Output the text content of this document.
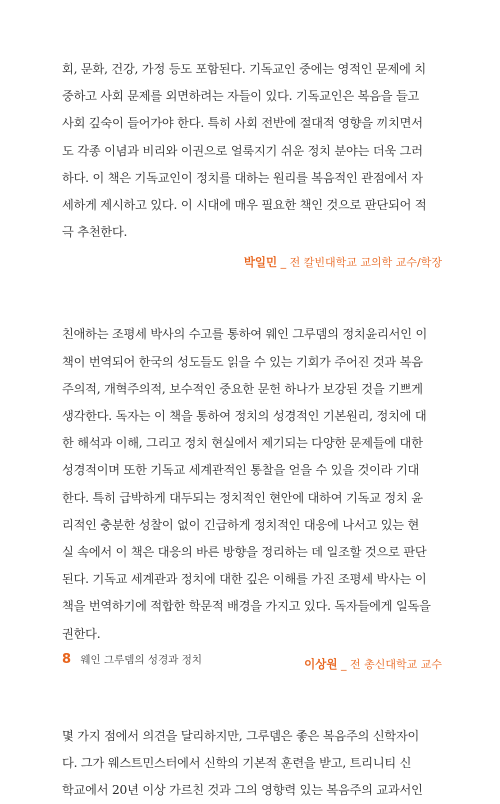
회, 문화, 건강, 가정 등도 포함된다. 기독교인 중에는 영적인 문제에 치
중하고 사회 문제를 외면하려는 자들이 있다. 기독교인은 복음을 들고
사회 깊숙이 들어가야 한다. 특히 사회 전반에 절대적 영향을 끼치면서
도 각종 이념과 비리와 이권으로 얼룩지기 쉬운 정치 분야는 더욱 그러
하다. 이 책은 기독교인이 정치를 대하는 원리를 복음적인 관점에서 자
세하게 제시하고 있다. 이 시대에 매우 필요한 책인 것으로 판단되어 적
극 추천한다.

박일민 _ 전 칼빈대학교 교의학 교수/학장

친애하는 조평세 박사의 수고를 통하여 웨인 그루뎀의 정치윤리서인 이
책이 번역되어 한국의 성도들도 읽을 수 있는 기회가 주어진 것과 복음
주의적, 개혁주의적, 보수적인 중요한 문헌 하나가 보강된 것을 기쁘게
생각한다. 독자는 이 책을 통하여 정치의 성경적인 기본원리, 정치에 대
한 해석과 이해, 그리고 정치 현실에서 제기되는 다양한 문제들에 대한
성경적이며 또한 기독교 세계관적인 통찰을 얻을 수 있을 것이라 기대
한다. 특히 급박하게 대두되는 정치적인 현안에 대하여 기독교 정치 윤
리적인 충분한 성찰이 없이 긴급하게 정치적인 대응에 나서고 있는 현
실 속에서 이 책은 대응의 바른 방향을 정리하는 데 일조할 것으로 판단
된다. 기독교 세계관과 정치에 대한 깊은 이해를 가진 조평세 박사는 이
책을 번역하기에 적합한 학문적 배경을 가지고 있다. 독자들에게 일독을
권한다.

이상원 _ 전 총신대학교 교수

몇 가지 점에서 의견을 달리하지만, 그루뎀은 좋은 복음주의 신학자이
다. 그가 웨스트민스터에서 신학의 기본적 훈련을 받고, 트리니티 신
학교에서 20년 이상 가르친 것과 그의 영향력 있는 복음주의 교과서인

8 웨인 그루뎀의 성경과 정치
